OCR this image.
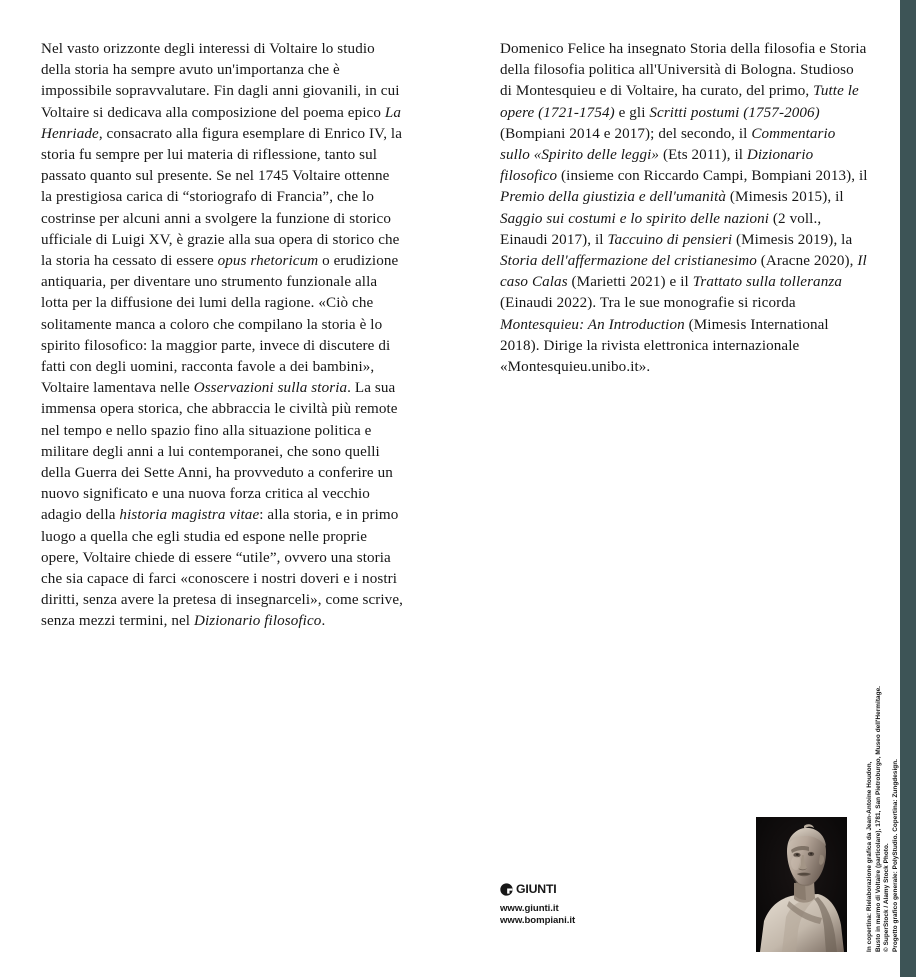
Nel vasto orizzonte degli interessi di Voltaire lo studio della storia ha sempre avuto un'importanza che è impossibile sopravvalutare. Fin dagli anni giovanili, in cui Voltaire si dedicava alla composizione del poema epico La Henriade, consacrato alla figura esemplare di Enrico IV, la storia fu sempre per lui materia di riflessione, tanto sul passato quanto sul presente. Se nel 1745 Voltaire ottenne la prestigiosa carica di “storiografo di Francia”, che lo costrinse per alcuni anni a svolgere la funzione di storico ufficiale di Luigi XV, è grazie alla sua opera di storico che la storia ha cessato di essere opus rhetoricum o erudizione antiquaria, per diventare uno strumento funzionale alla lotta per la diffusione dei lumi della ragione. «Ciò che solitamente manca a coloro che compilano la storia è lo spirito filosofico: la maggior parte, invece di discutere di fatti con degli uomini, racconta favole a dei bambini», Voltaire lamentava nelle Osservazioni sulla storia. La sua immensa opera storica, che abbraccia le civiltà più remote nel tempo e nello spazio fino alla situazione politica e militare degli anni a lui contemporanei, che sono quelli della Guerra dei Sette Anni, ha provveduto a conferire un nuovo significato e una nuova forza critica al vecchio adagio della historia magistra vitae: alla storia, e in primo luogo a quella che egli studia ed espone nelle proprie opere, Voltaire chiede di essere “utile”, ovvero una storia che sia capace di farci «conoscere i nostri doveri e i nostri diritti, senza avere la pretesa di insegnarceli», come scrive, senza mezzi termini, nel Dizionario filosofico.

Domenico Felice ha insegnato Storia della filosofia e Storia della filosofia politica all'Università di Bologna. Studioso di Montesquieu e di Voltaire, ha curato, del primo, Tutte le opere (1721-1754) e gli Scritti postumi (1757-2006) (Bompiani 2014 e 2017); del secondo, il Commentario sullo «Spirito delle leggi» (Ets 2011), il Dizionario filosofico (insieme con Riccardo Campi, Bompiani 2013), il Premio della giustizia e dell'umanità (Mimesis 2015), il Saggio sui costumi e lo spirito delle nazioni (2 voll., Einaudi 2017), il Taccuino di pensieri (Mimesis 2019), la Storia dell'affermazione del cristianesimo (Aracne 2020), Il caso Calas (Marietti 2021) e il Trattato sulla tolleranza (Einaudi 2022). Tra le sue monografie si ricorda Montesquieu: An Introduction (Mimesis International 2018). Dirige la rivista elettronica internazionale «Montesquieu.unibo.it».

GIUNTI
www.giunti.it
www.bompiani.it	In copertina: Rielaborazione grafica da Jean-Antoine Houdon, Busto in marmo di Voltaire (particolare), 1781, San Pietroburgo, Museo dell'Hermitage. © SuperStock / Alamy Stock Photo. Progetto grafico generale: PolyStudio. Copertina: Zungdesign.
